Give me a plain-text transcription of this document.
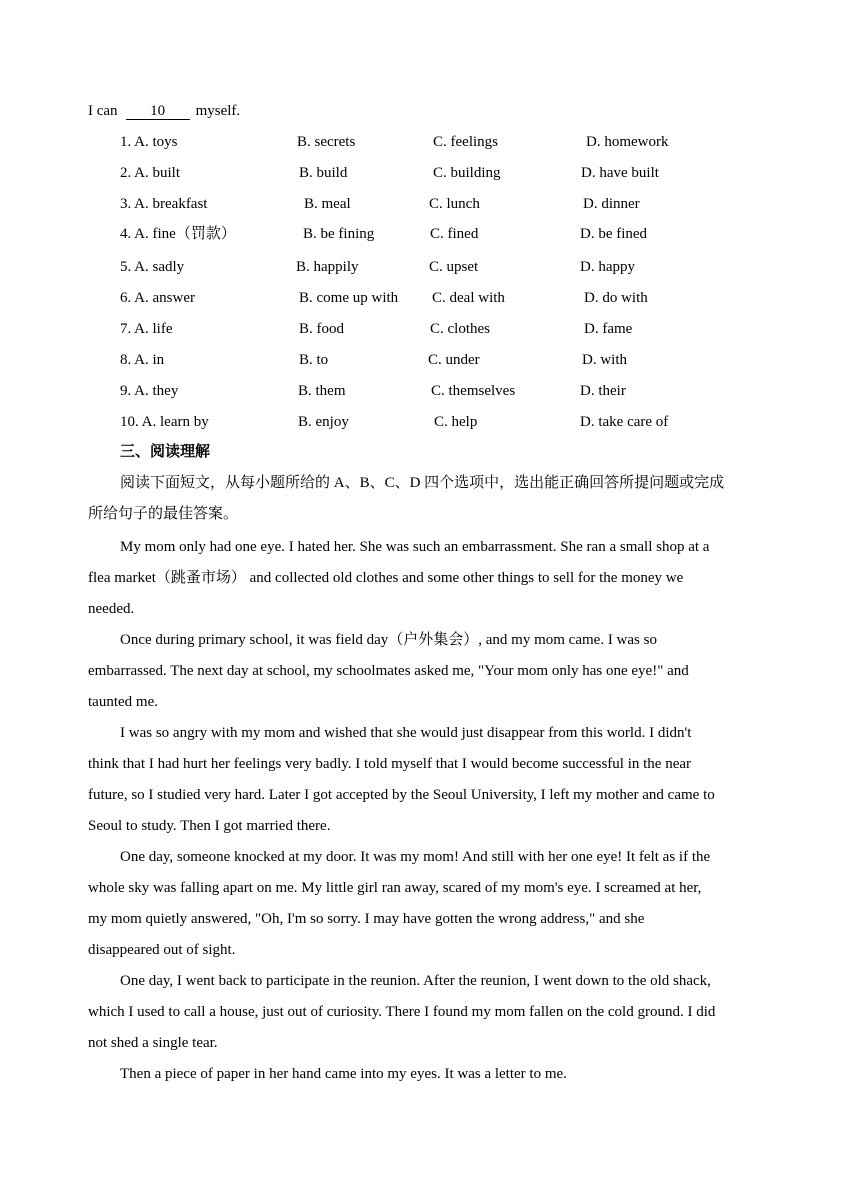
I can 10 myself.
1. A. toys	B. secrets	C. feelings	D. homework
2. A. built	B. build	C. building	D. have built
3. A. breakfast	B. meal	C. lunch	D. dinner
4. A. fine（罚款）	B. be fining	C. fined	D. be fined
5. A. sadly	B. happily	C. upset	D. happy
6. A. answer	B. come up with C. deal with	D. do with
7. A. life	B. food	C. clothes	D. fame
8. A. in	B. to	C. under	D. with
9. A. they	B. them	C. themselves	D. their
10. A. learn by	B. enjoy	C. help	D. take care of
三、阅读理解
阅读下面短文，从每小题所给的 A、B、C、D 四个选项中，选出能正确回答所提问题或完成
所给句子的最佳答案。
My mom only had one eye. I hated her. She was such an embarrassment. She ran a small shop at a
flea market（跳蚤市场） and collected old clothes and some other things to sell for the money we
needed.
Once during primary school, it was field day（户外集会）, and my mom came. I was so
embarrassed. The next day at school, my schoolmates asked me, "Your mom only has one eye!" and
taunted me.
I was so angry with my mom and wished that she would just disappear from this world. I didn't
think that I had hurt her feelings very badly. I told myself that I would become successful in the near
future, so I studied very hard. Later I got accepted by the Seoul University, I left my mother and came to
Seoul to study. Then I got married there.
One day, someone knocked at my door. It was my mom! And still with her one eye! It felt as if the
whole sky was falling apart on me. My little girl ran away, scared of my mom's eye. I screamed at her,
my mom quietly answered, "Oh, I'm so sorry. I may have gotten the wrong address," and she
disappeared out of sight.
One day, I went back to participate in the reunion. After the reunion, I went down to the old shack,
which I used to call a house, just out of curiosity. There I found my mom fallen on the cold ground. I did
not shed a single tear.
Then a piece of paper in her hand came into my eyes. It was a letter to me.
